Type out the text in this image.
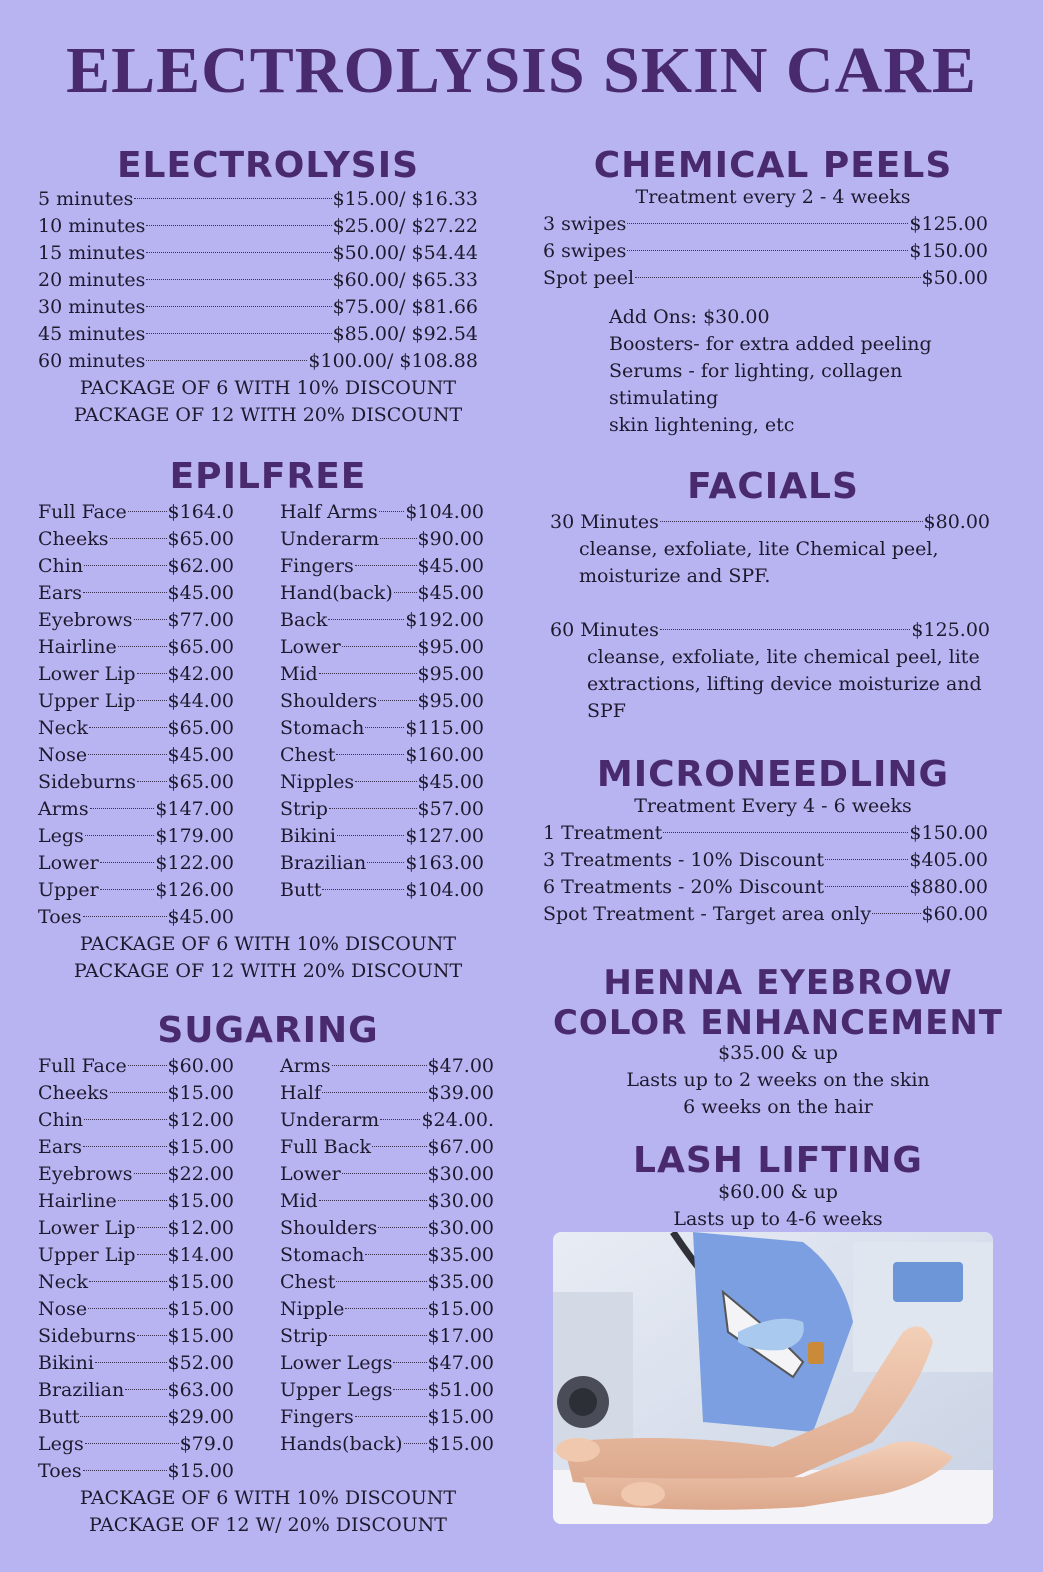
ELECTROLYSIS SKIN CARE
ELECTROLYSIS
5 minutes	$15.00/ $16.33
10 minutes	$25.00/ $27.22
15 minutes	$50.00/ $54.44
20 minutes	$60.00/ $65.33
30 minutes	$75.00/ $81.66
45 minutes	$85.00/ $92.54
60 minutes	$100.00/ $108.88
PACKAGE OF 6 WITH 10% DISCOUNT
PACKAGE OF 12 WITH 20% DISCOUNT
EPILFREE
Full Face $164.0
Cheeks	$65.00
Chin	$62.00
Ears	$45.00
Eyebrows $77.00
Hairline	$65.00
Lower Lip $42.00
Upper Lip $44.00
Neck	$65.00
Nose	$45.00
Sideburns $65.00
Arms	$147.00
Legs	$179.00
Lower	$122.00
Upper	$126.00
Toes	$45.00
Half Arms $104.00
Underarm $90.00
Fingers	$45.00
Hand(back) $45.00
Back	$192.00
Lower	$95.00
Mid	$95.00
Shoulders $95.00
Stomach $115.00
Chest	$160.00
Nipples	$45.00
Strip	$57.00
Bikini	$127.00
Brazilian $163.00
Butt	$104.00
PACKAGE OF 6 WITH 10% DISCOUNT
PACKAGE OF 12 WITH 20% DISCOUNT
SUGARING
Full Face $60.00
Cheeks	$15.00
Chin	$12.00
Ears	$15.00
Eyebrows $22.00
Hairline	$15.00
Lower Lip $12.00
Upper Lip $14.00
Neck	$15.00
Nose	$15.00
Sideburns $15.00
Bikini	$52.00
Brazilian $63.00
Butt	$29.00
Legs	$79.0
Toes	$15.00
Arms	$47.00
Half	$39.00
Underarm $24.00.
Full Back	$67.00
Lower	$30.00
Mid	$30.00
Shoulders	$30.00
Stomach	$35.00
Chest	$35.00
Nipple	$15.00
Strip	$17.00
Lower Legs $47.00
Upper Legs $51.00
Fingers	$15.00
Hands(back) $15.00
PACKAGE OF 6 WITH 10% DISCOUNT
PACKAGE OF 12 W/ 20% DISCOUNT
CHEMICAL PEELS
Treatment every 2 - 4 weeks
3 swipes	$125.00
6 swipes	$150.00
Spot peel	$50.00
Add Ons: $30.00
Boosters- for extra added peeling
Serums - for lighting, collagen stimulating
skin lightening, etc
FACIALS
30 Minutes	$80.00
cleanse, exfoliate, lite Chemical peel,
moisturize and SPF.
60 Minutes	$125.00
cleanse, exfoliate, lite chemical peel, lite
extractions, lifting device moisturize and SPF
MICRONEEDLING
Treatment Every 4 - 6 weeks
1 Treatment	$150.00
3 Treatments - 10% Discount	$405.00
6 Treatments - 20% Discount	$880.00
Spot Treatment - Target area only	$60.00
HENNA EYEBROW
COLOR ENHANCEMENT
$35.00 & up
Lasts up to 2 weeks on the skin
6 weeks on the hair
LASH LIFTING
$60.00 & up
Lasts up to 4-6 weeks
